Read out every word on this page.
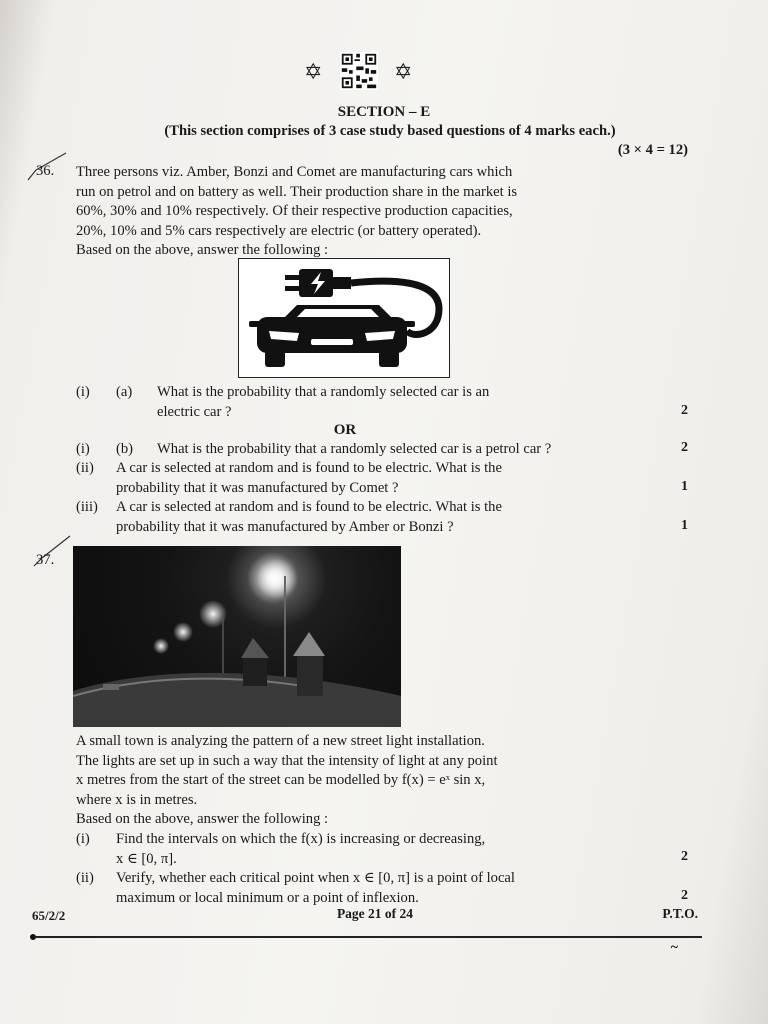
✡	✡
SECTION – E
(This section comprises of 3 case study based questions of 4 marks each.)
(3 × 4 = 12)
36. Three persons viz. Amber, Bonzi and Comet are manufacturing cars which
run on petrol and on battery as well. Their production share in the market is
60%, 30% and 10% respectively. Of their respective production capacities,
20%, 10% and 5% cars respectively are electric (or battery operated).
Based on the above, answer the following :
(i) (a) What is the probability that a randomly selected car is an
electric car ?	2
OR
(i) (b) What is the probability that a randomly selected car is a petrol car ?	2
(ii) A car is selected at random and is found to be electric. What is the
probability that it was manufactured by Comet ?	1
(iii) A car is selected at random and is found to be electric. What is the
probability that it was manufactured by Amber or Bonzi ?	1
37.
A small town is analyzing the pattern of a new street light installation.
The lights are set up in such a way that the intensity of light at any point
x metres from the start of the street can be modelled by f(x) = eˣ sin x,
where x is in metres.
Based on the above, answer the following :
(i) Find the intervals on which the f(x) is increasing or decreasing,
x ∈ [0, π].	2
(ii) Verify, whether each critical point when x ∈ [0, π] is a point of local
maximum or local minimum or a point of inflexion.	2
65/2/2	Page 21 of 24	P.T.O.
~
